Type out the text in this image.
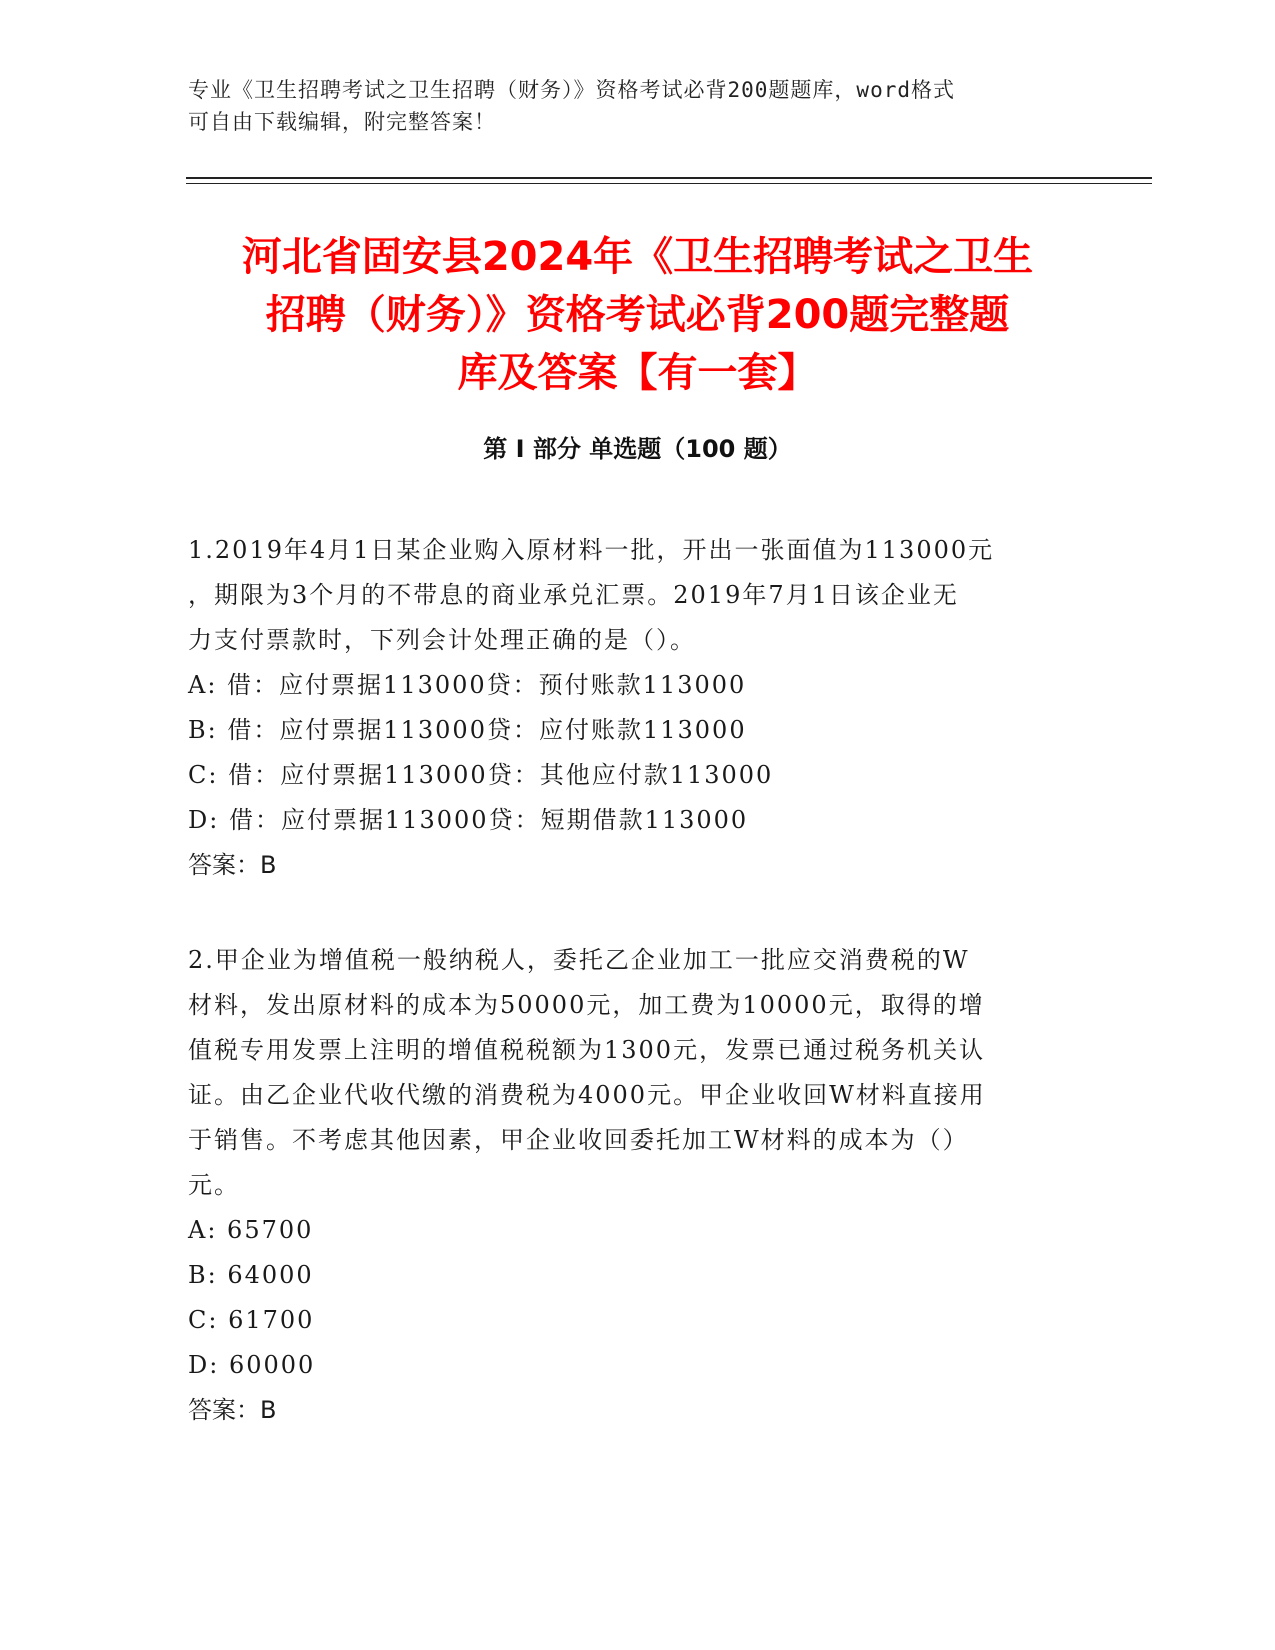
专业《卫生招聘考试之卫生招聘（财务）》资格考试必背200题题库，word格式
可自由下载编辑，附完整答案！
河北省固安县2024年《卫生招聘考试之卫生
招聘（财务）》资格考试必背200题完整题
库及答案【有一套】
第 I 部分 单选题（100 题）

1.2019年4月1日某企业购入原材料一批，开出一张面值为113000元

，期限为3个月的不带息的商业承兑汇票。2019年7月1日该企业无

力支付票款时，下列会计处理正确的是（）。

A: 借：应付票据113000贷：预付账款113000

B: 借：应付票据113000贷：应付账款113000

C: 借：应付票据113000贷：其他应付款113000

D: 借：应付票据113000贷：短期借款113000

答案：B

2.甲企业为增值税一般纳税人，委托乙企业加工一批应交消费税的W

材料，发出原材料的成本为50000元，加工费为10000元，取得的增

值税专用发票上注明的增值税税额为1300元，发票已通过税务机关认

证。由乙企业代收代缴的消费税为4000元。甲企业收回W材料直接用

于销售。不考虑其他因素，甲企业收回委托加工W材料的成本为（）

元。

A: 65700

B: 64000

C: 61700

D: 60000

答案：B
